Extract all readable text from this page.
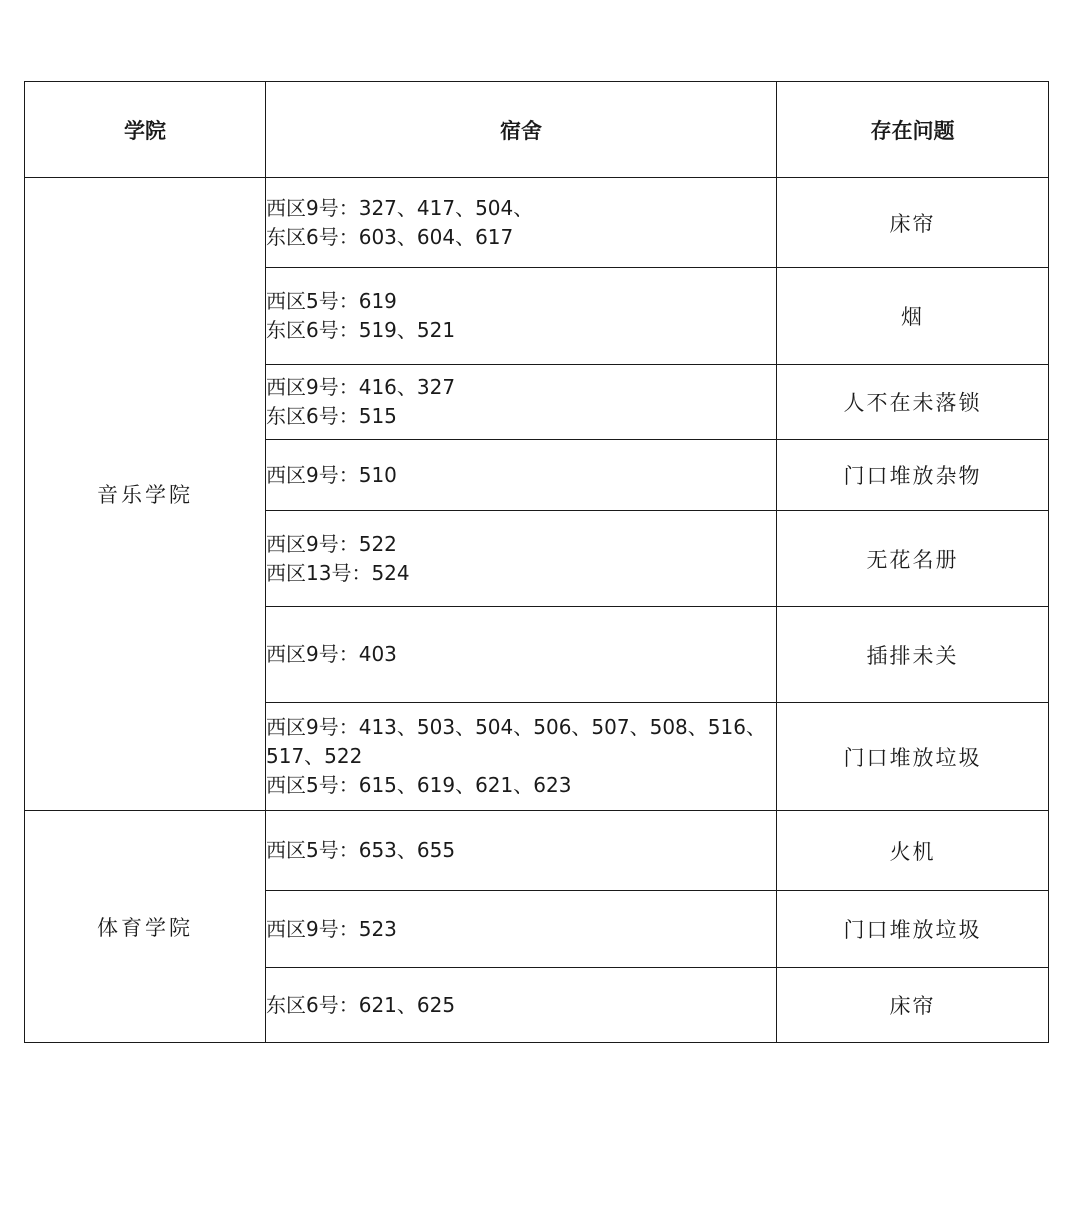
学院	宿舍	存在问题
音乐学院	西区9号：327、417、504、
东区6号：603、604、617	床帘

	西区5号：619
东区6号：519、521	烟

	西区9号：416、327
东区6号：515	人不在未落锁

	西区9号：510	门口堆放杂物

	西区9号：522
西区13号：524	无花名册

	西区9号：403	插排未关

	西区9号：413、503、504、506、507、508、516、517、522
西区5号：615、619、621、623	门口堆放垃圾
体育学院	西区5号：653、655	火机

	西区9号：523	门口堆放垃圾

	东区6号：621、625	床帘
